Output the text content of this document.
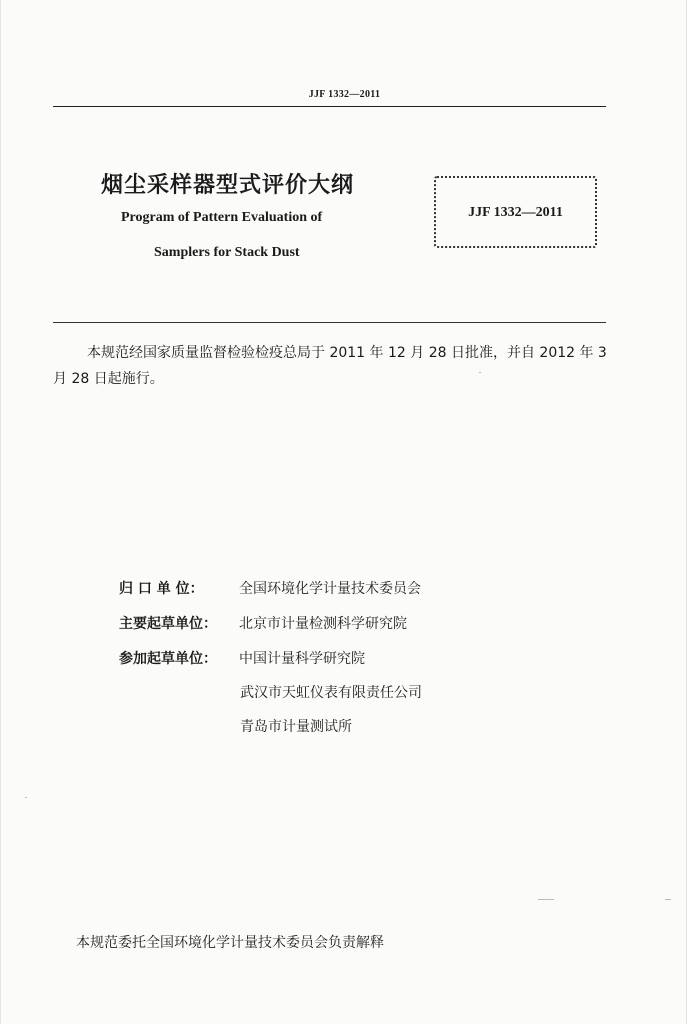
JJF 1332—2011
烟尘采样器型式评价大纲
Program of Pattern Evaluation of
Samplers for Stack Dust
JJF 1332—2011
本规范经国家质量监督检验检疫总局于 2011 年 12 月 28 日批准，并自 2012 年 3 月 28 日起施行。
归 口 单 位：	全国环境化学计量技术委员会
主要起草单位： 北京市计量检测科学研究院
参加起草单位： 中国计量科学研究院
武汉市天虹仪表有限责任公司
青岛市计量测试所
本规范委托全国环境化学计量技术委员会负责解释
